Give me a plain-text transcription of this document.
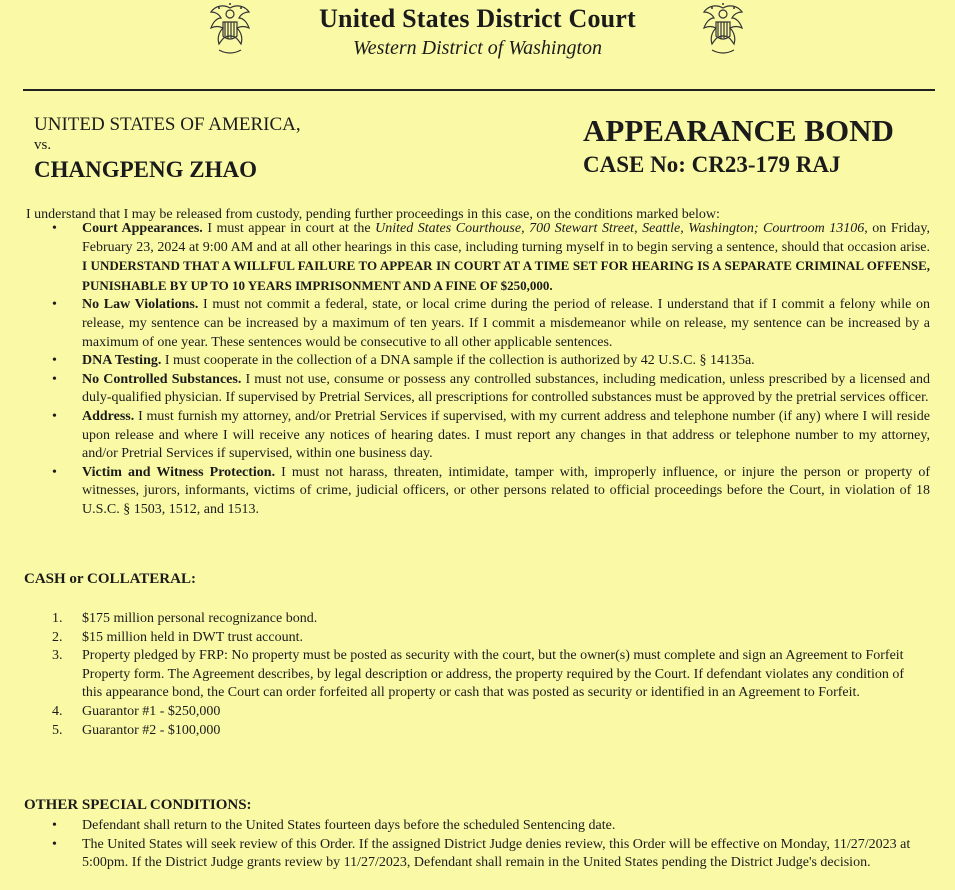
United States District Court
Western District of Washington
UNITED STATES OF AMERICA,
vs.
CHANGPENG ZHAO
APPEARANCE BOND
CASE No: CR23-179 RAJ
I understand that I may be released from custody, pending further proceedings in this case, on the conditions marked below:
• Court Appearances. I must appear in court at the United States Courthouse, 700 Stewart Street, Seattle, Washington; Courtroom 13106, on Friday, February 23, 2024 at 9:00 AM and at all other hearings in this case, including turning myself in to begin serving a sentence, should that occasion arise. I UNDERSTAND THAT A WILLFUL FAILURE TO APPEAR IN COURT AT A TIME SET FOR HEARING IS A SEPARATE CRIMINAL OFFENSE, PUNISHABLE BY UP TO 10 YEARS IMPRISONMENT AND A FINE OF $250,000.
• No Law Violations. I must not commit a federal, state, or local crime during the period of release. I understand that if I commit a felony while on release, my sentence can be increased by a maximum of ten years. If I commit a misdemeanor while on release, my sentence can be increased by a maximum of one year. These sentences would be consecutive to all other applicable sentences.
• DNA Testing. I must cooperate in the collection of a DNA sample if the collection is authorized by 42 U.S.C. § 14135a.
• No Controlled Substances. I must not use, consume or possess any controlled substances, including medication, unless prescribed by a licensed and duly-qualified physician. If supervised by Pretrial Services, all prescriptions for controlled substances must be approved by the pretrial services officer.
• Address. I must furnish my attorney, and/or Pretrial Services if supervised, with my current address and telephone number (if any) where I will reside upon release and where I will receive any notices of hearing dates. I must report any changes in that address or telephone number to my attorney, and/or Pretrial Services if supervised, within one business day.
• Victim and Witness Protection. I must not harass, threaten, intimidate, tamper with, improperly influence, or injure the person or property of witnesses, jurors, informants, victims of crime, judicial officers, or other persons related to official proceedings before the Court, in violation of 18 U.S.C. § 1503, 1512, and 1513.
CASH or COLLATERAL:
1. $175 million personal recognizance bond.
2. $15 million held in DWT trust account.
3. Property pledged by FRP: No property must be posted as security with the court, but the owner(s) must complete and sign an Agreement to Forfeit Property form. The Agreement describes, by legal description or address, the property required by the Court. If defendant violates any condition of this appearance bond, the Court can order forfeited all property or cash that was posted as security or identified in an Agreement to Forfeit.
4. Guarantor #1 - $250,000
5. Guarantor #2 - $100,000
OTHER SPECIAL CONDITIONS:
• Defendant shall return to the United States fourteen days before the scheduled Sentencing date.
• The United States will seek review of this Order. If the assigned District Judge denies review, this Order will be effective on Monday, 11/27/2023 at 5:00pm. If the District Judge grants review by 11/27/2023, Defendant shall remain in the United States pending the District Judge's decision.
